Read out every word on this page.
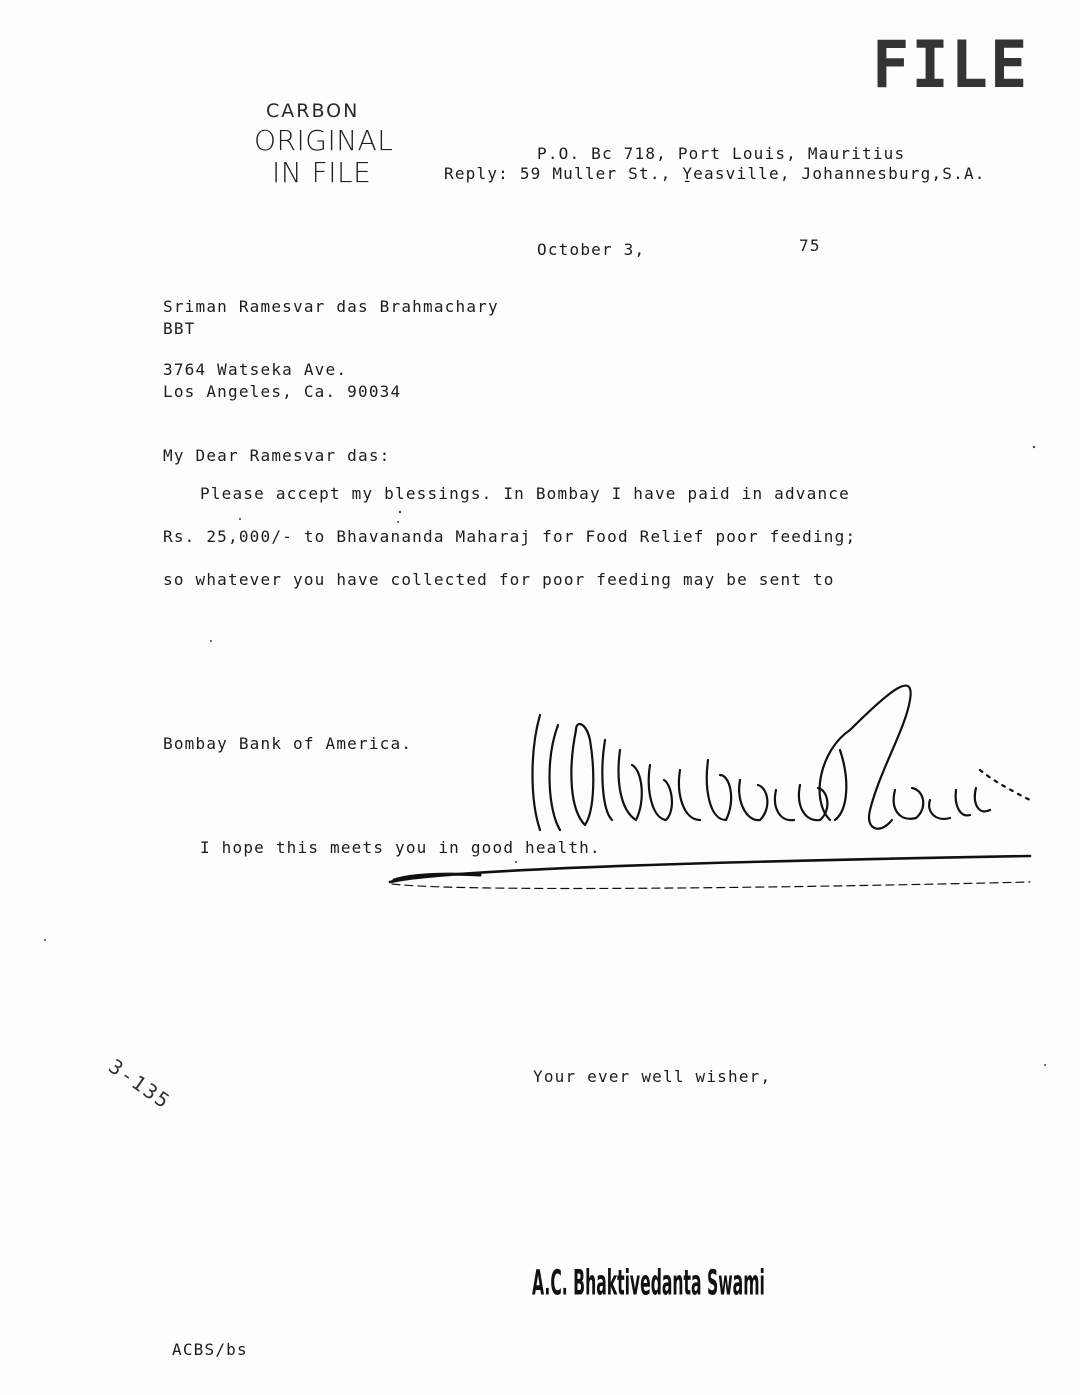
CARBON
ORIGINAL
IN FILE
FILE
P.O. Bc 718, Port Louis, Mauritius
Reply: 59 Muller St., Y̱easville, Johannesburg,S.A.
October 3,	75
Sriman Ramesvar das Brahmachary
BBT
3764 Watseka Ave.
Los Angeles, Ca. 90034
My Dear Ramesvar das:
Please accept my blessings. In Bombay I have paid in advance
Rs. 25,000/- to Bhavananda Maharaj for Food Relief poor feeding;
so whatever you have collected for poor feeding may be sent to
Bombay Bank of America.
I hope this meets you in good health.
Your ever well wisher,
A.C. Bhaktivedanta Swami
ACBS/bs
3-135
